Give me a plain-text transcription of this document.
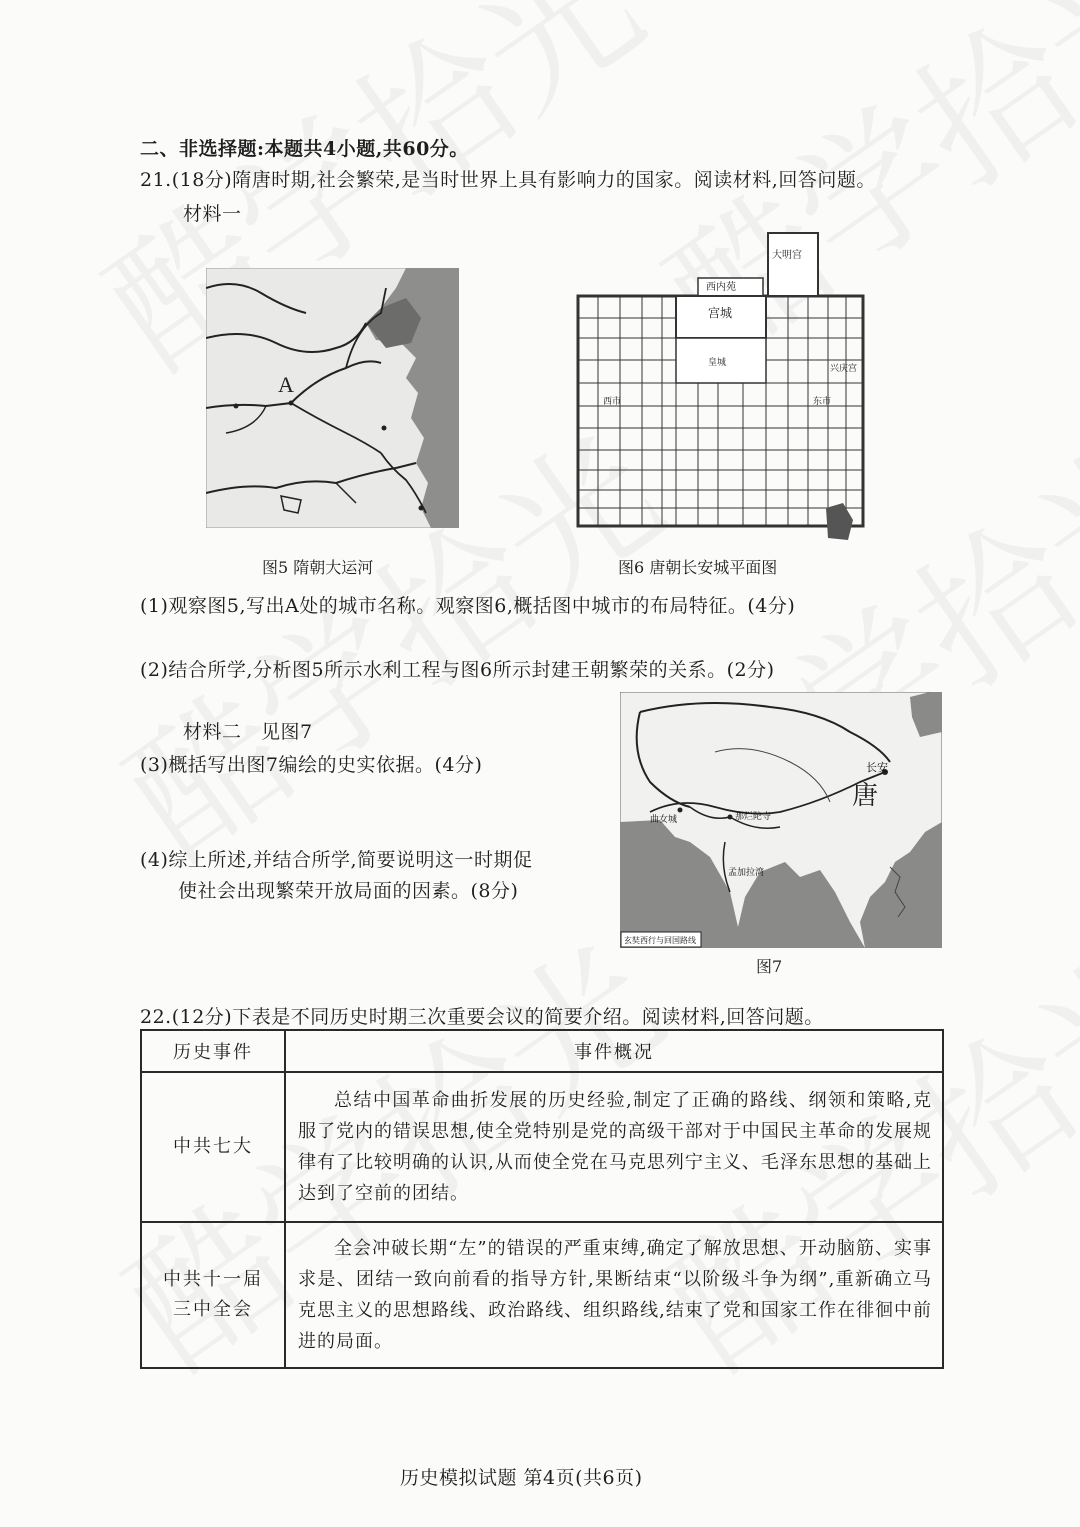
二、非选择题:本题共4小题,共60分。
21.(18分)隋唐时期,社会繁荣,是当时世界上具有影响力的国家。阅读材料,回答问题。
材料一
A
西内苑
大明宫
宫城
皇城
西市	东市
兴庆宫
图5 隋朝大运河	图6 唐朝长安城平面图
(1)观察图5,写出A处的城市名称。观察图6,概括图中城市的布局特征。(4分)
(2)结合所学,分析图5所示水利工程与图6所示封建王朝繁荣的关系。(2分)
材料二　见图7
(3)概括写出图7编绘的史实依据。(4分)
(4)综上所述,并结合所学,简要说明这一时期促
使社会出现繁荣开放局面的因素。(8分)
长安
唐
曲女城	那烂陀寺
孟加拉湾
玄奘西行与回国路线
图7
22.(12分)下表是不同历史时期三次重要会议的简要介绍。阅读材料,回答问题。
历史事件	事件概况
中共七大	总结中国革命曲折发展的历史经验,制定了正确的路线、纲领和策略,克服了党内的错误思想,使全党特别是党的高级干部对于中国民主革命的发展规律有了比较明确的认识,从而使全党在马克思列宁主义、毛泽东思想的基础上达到了空前的团结。

中共十一届
三中全会	全会冲破长期“左”的错误的严重束缚,确定了解放思想、开动脑筋、实事求是、团结一致向前看的指导方针,果断结束“以阶级斗争为纲”,重新确立马克思主义的思想路线、政治路线、组织路线,结束了党和国家工作在徘徊中前进的局面。
历史模拟试题 第4页(共6页)
